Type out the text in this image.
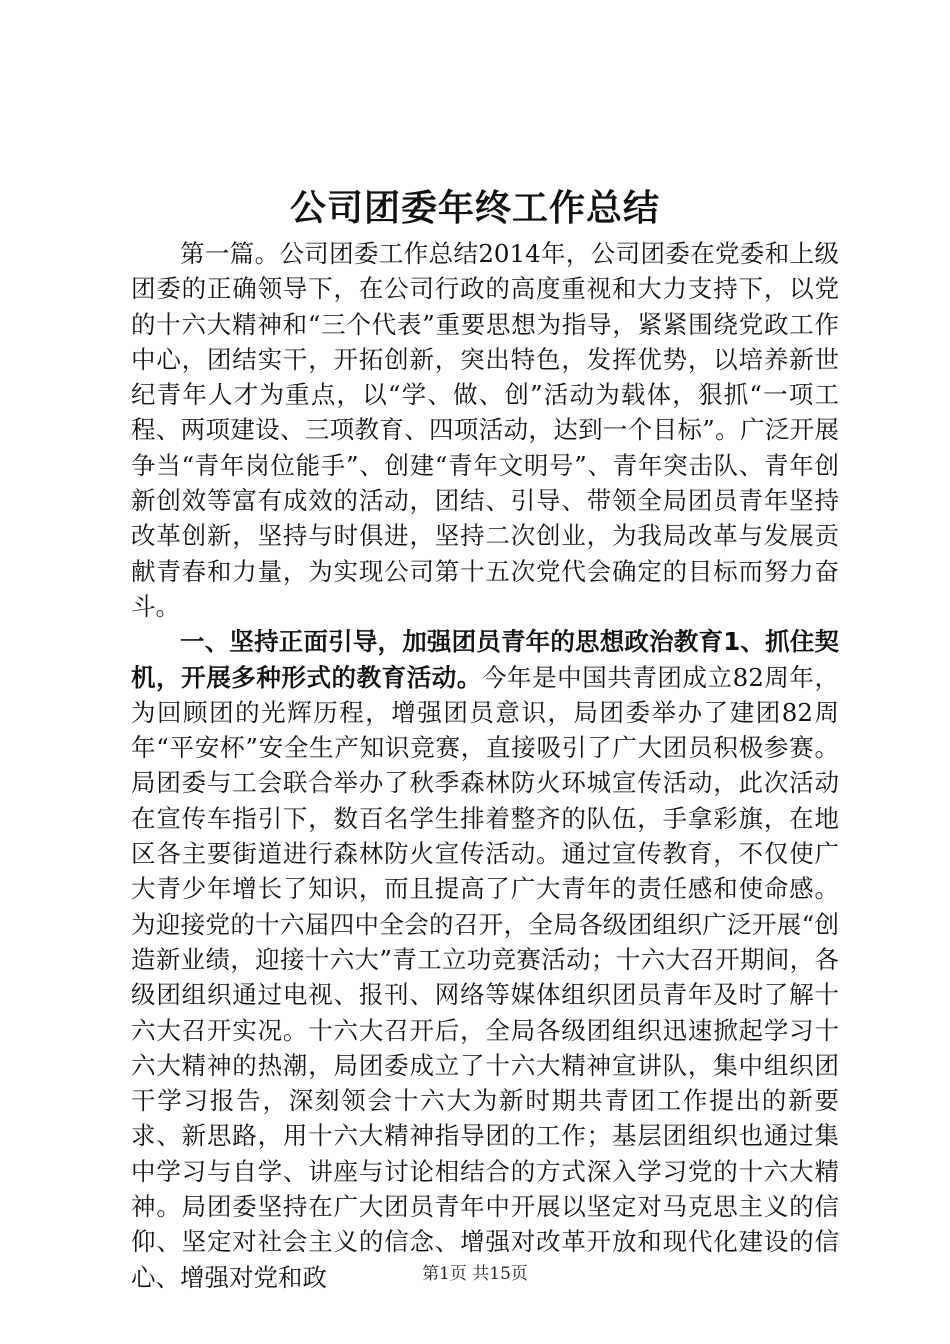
公司团委年终工作总结

第一篇。公司团委工作总结2014年，公司团委在党委和上级团委的正确领导下，在公司行政的高度重视和大力支持下，以党的十六大精神和“三个代表”重要思想为指导，紧紧围绕党政工作中心，团结实干，开拓创新，突出特色，发挥优势，以培养新世纪青年人才为重点，以“学、做、创”活动为载体，狠抓“一项工程、两项建设、三项教育、四项活动，达到一个目标”。广泛开展争当“青年岗位能手”、创建“青年文明号”、青年突击队、青年创新创效等富有成效的活动，团结、引导、带领全局团员青年坚持改革创新，坚持与时俱进，坚持二次创业，为我局改革与发展贡献青春和力量，为实现公司第十五次党代会确定的目标而努力奋斗。

一、坚持正面引导，加强团员青年的思想政治教育1、抓住契机，开展多种形式的教育活动。今年是中国共青团成立82周年，为回顾团的光辉历程，增强团员意识，局团委举办了建团82周年“平安杯”安全生产知识竞赛，直接吸引了广大团员积极参赛。局团委与工会联合举办了秋季森林防火环城宣传活动，此次活动在宣传车指引下，数百名学生排着整齐的队伍，手拿彩旗，在地区各主要街道进行森林防火宣传活动。通过宣传教育，不仅使广大青少年增长了知识，而且提高了广大青年的责任感和使命感。为迎接党的十六届四中全会的召开，全局各级团组织广泛开展“创造新业绩，迎接十六大”青工立功竞赛活动；十六大召开期间，各级团组织通过电视、报刊、网络等媒体组织团员青年及时了解十六大召开实况。十六大召开后，全局各级团组织迅速掀起学习十六大精神的热潮，局团委成立了十六大精神宣讲队，集中组织团干学习报告，深刻领会十六大为新时期共青团工作提出的新要求、新思路，用十六大精神指导团的工作；基层团组织也通过集中学习与自学、讲座与讨论相结合的方式深入学习党的十六大精神。局团委坚持在广大团员青年中开展以坚定对马克思主义的信仰、坚定对社会主义的信念、增强对改革开放和现代化建设的信心、增强对党和政	第1页 共15页
